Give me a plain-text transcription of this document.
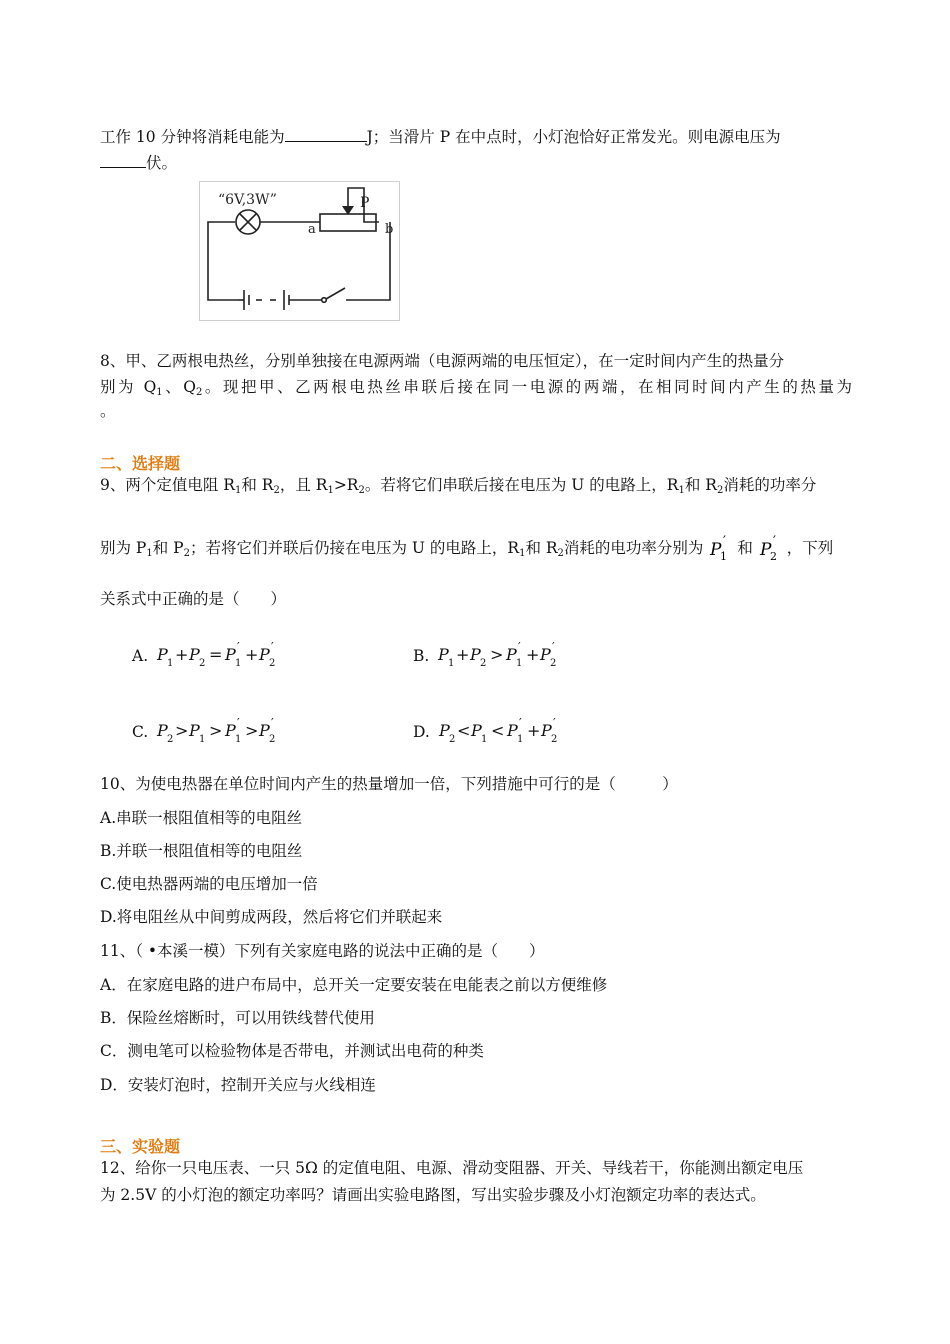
工作 10 分钟将消耗电能为	J；当滑片 P 在中点时，小灯泡恰好正常发光。则电源电压为
伏。
“6V,3W”	P
a	b
8、甲、乙两根电热丝，分别单独接在电源两端（电源两端的电压恒定），在一定时间内产生的热量分
别为 $Q_1$、$Q_2$。现把甲、乙两根电热丝串联后接在同一电源的两端，在相同时间内产生的热量为
。
二、选择题
9、两个定值电阻 $R_1$和 $R_2$，且 $R_1>R_2$。若将它们串联后接在电压为 U 的电路上，$R_1$和 $R_2$消耗的功率分
别为 $P_1$和 $P_2$；若将它们并联后仍接在电压为 U 的电路上，$R_1$和 $R_2$消耗的电功率分别为 P
1
′ 和 P
2
′ ，下列
关系式中正确的是（　　）
A. P 1 + P 2 = P 1
′ + P 2
′	B. P 1 + P 2 > P 1
′ + P 2
′
C. P 2 > P 1 > P 1
′ > P 2
′	D. P 2 < P 1 < P 1
′ + P 2
′
10、为使电热器在单位时间内产生的热量增加一倍，下列措施中可行的是（　　　）
A.串联一根阻值相等的电阻丝
B.并联一根阻值相等的电阻丝
C.使电热器两端的电压增加一倍
D.将电阻丝从中间剪成两段，然后将它们并联起来
11、（ •本溪一模）下列有关家庭电路的说法中正确的是（　　）
A．在家庭电路的进户布局中，总开关一定要安装在电能表之前以方便维修
B．保险丝熔断时，可以用铁线替代使用
C．测电笔可以检验物体是否带电，并测试出电荷的种类
D．安装灯泡时，控制开关应与火线相连
三、实验题
12、给你一只电压表、一只 5Ω 的定值电阻、电源、滑动变阻器、开关、导线若干，你能测出额定电压
为 2.5V 的小灯泡的额定功率吗？请画出实验电路图，写出实验步骤及小灯泡额定功率的表达式。
